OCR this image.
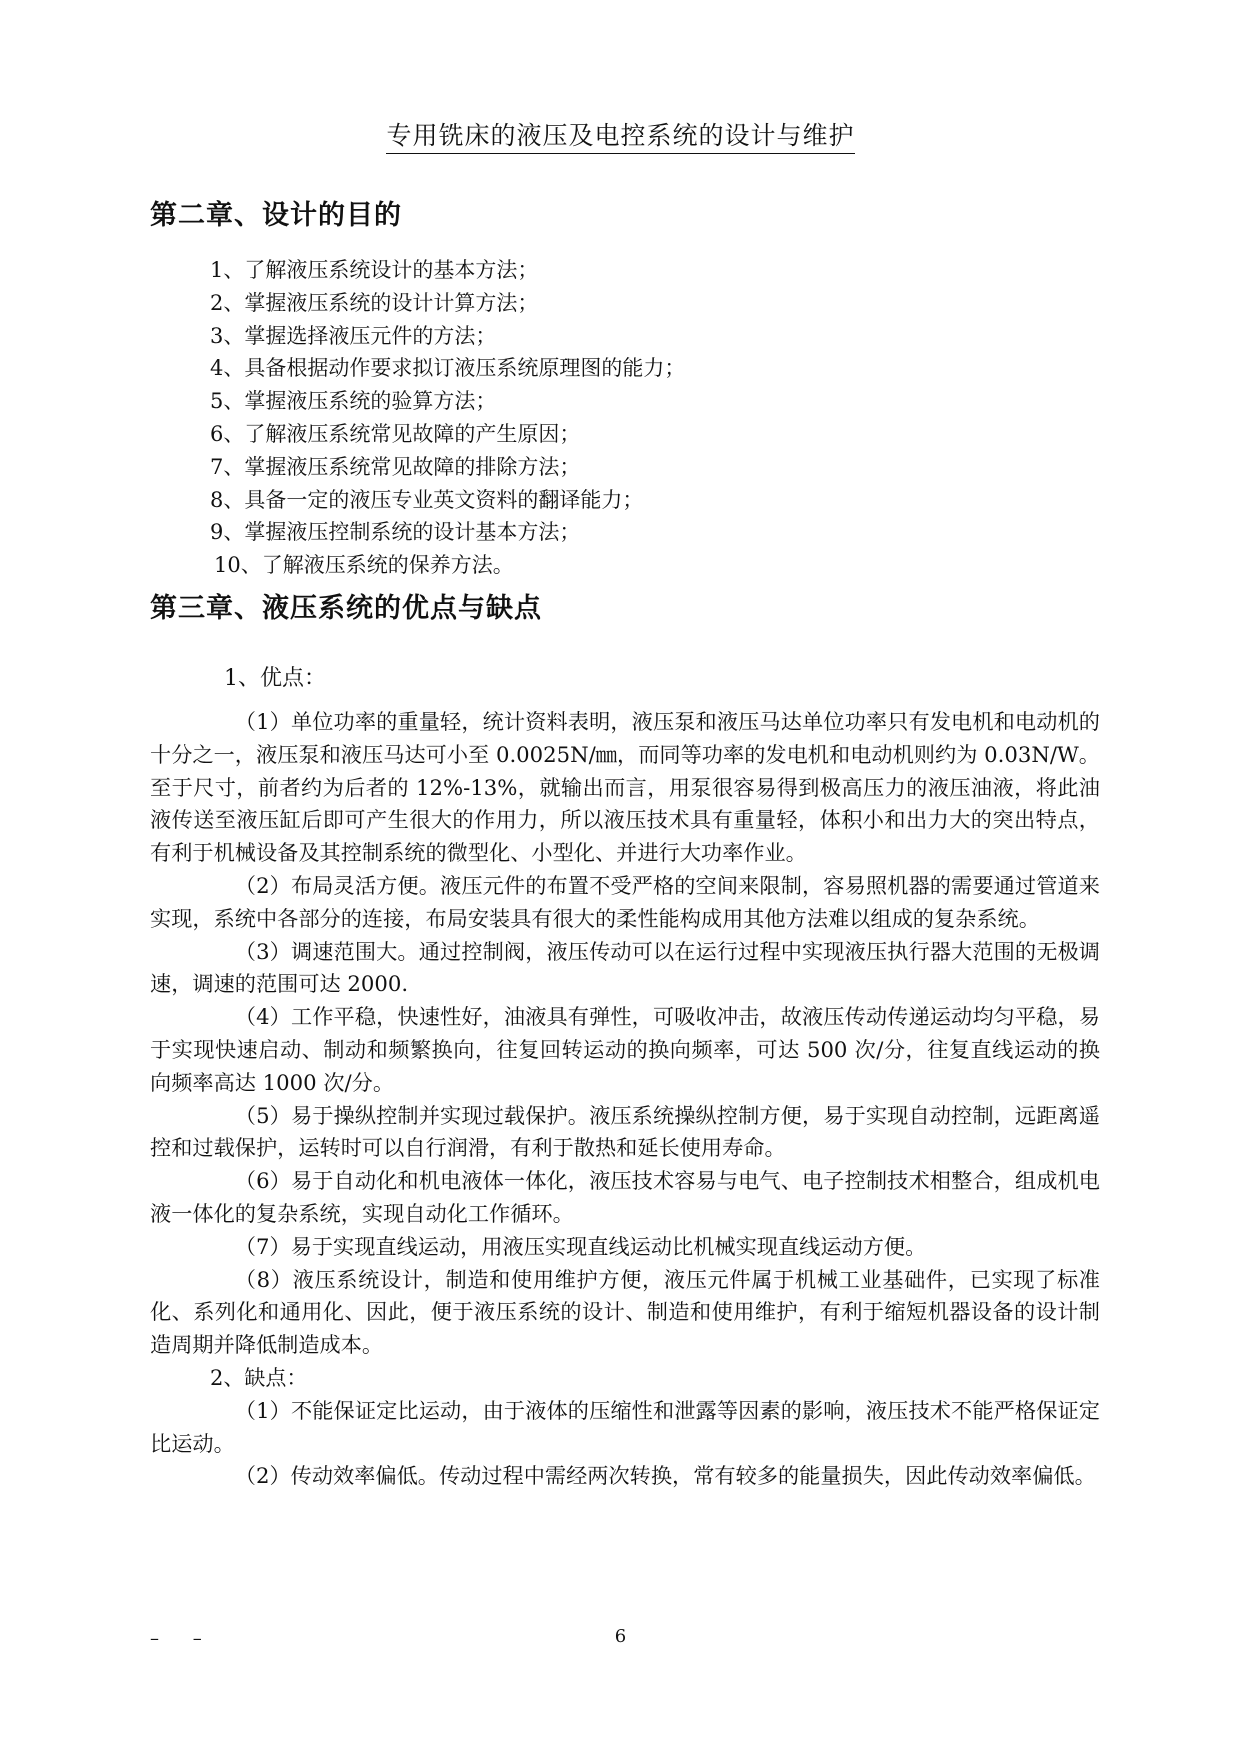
专用铣床的液压及电控系统的设计与维护
第二章、设计的目的
1、了解液压系统设计的基本方法；
2、掌握液压系统的设计计算方法；
3、掌握选择液压元件的方法；
4、具备根据动作要求拟订液压系统原理图的能力；
5、掌握液压系统的验算方法；
6、了解液压系统常见故障的产生原因；
7、掌握液压系统常见故障的排除方法；
8、具备一定的液压专业英文资料的翻译能力；
9、掌握液压控制系统的设计基本方法；
10、了解液压系统的保养方法。
第三章、液压系统的优点与缺点
1、优点：

（1）单位功率的重量轻，统计资料表明，液压泵和液压马达单位功率只有发电机和电动机的十分之一，液压泵和液压马达可小至 0.0025N/㎜，而同等功率的发电机和电动机则约为 0.03N/W。至于尺寸，前者约为后者的 12%-13%，就输出而言，用泵很容易得到极高压力的液压油液，将此油液传送至液压缸后即可产生很大的作用力，所以液压技术具有重量轻，体积小和出力大的突出特点，有利于机械设备及其控制系统的微型化、小型化、并进行大功率作业。

（2）布局灵活方便。液压元件的布置不受严格的空间来限制，容易照机器的需要通过管道来实现，系统中各部分的连接，布局安装具有很大的柔性能构成用其他方法难以组成的复杂系统。

（3）调速范围大。通过控制阀，液压传动可以在运行过程中实现液压执行器大范围的无极调速，调速的范围可达 2000.

（4）工作平稳，快速性好，油液具有弹性，可吸收冲击，故液压传动传递运动均匀平稳，易于实现快速启动、制动和频繁换向，往复回转运动的换向频率，可达 500 次/分，往复直线运动的换向频率高达 1000 次/分。

（5）易于操纵控制并实现过载保护。液压系统操纵控制方便，易于实现自动控制，远距离遥控和过载保护，运转时可以自行润滑，有利于散热和延长使用寿命。

（6）易于自动化和机电液体一体化，液压技术容易与电气、电子控制技术相整合，组成机电液一体化的复杂系统，实现自动化工作循环。

（7）易于实现直线运动，用液压实现直线运动比机械实现直线运动方便。

（8）液压系统设计，制造和使用维护方便，液压元件属于机械工业基础件，已实现了标准化、系列化和通用化、因此，便于液压系统的设计、制造和使用维护，有利于缩短机器设备的设计制造周期并降低制造成本。

2、缺点：

（1）不能保证定比运动，由于液体的压缩性和泄露等因素的影响，液压技术不能严格保证定比运动。

（2）传动效率偏低。传动过程中需经两次转换，常有较多的能量损失，因此传动效率偏低。

– –	6
